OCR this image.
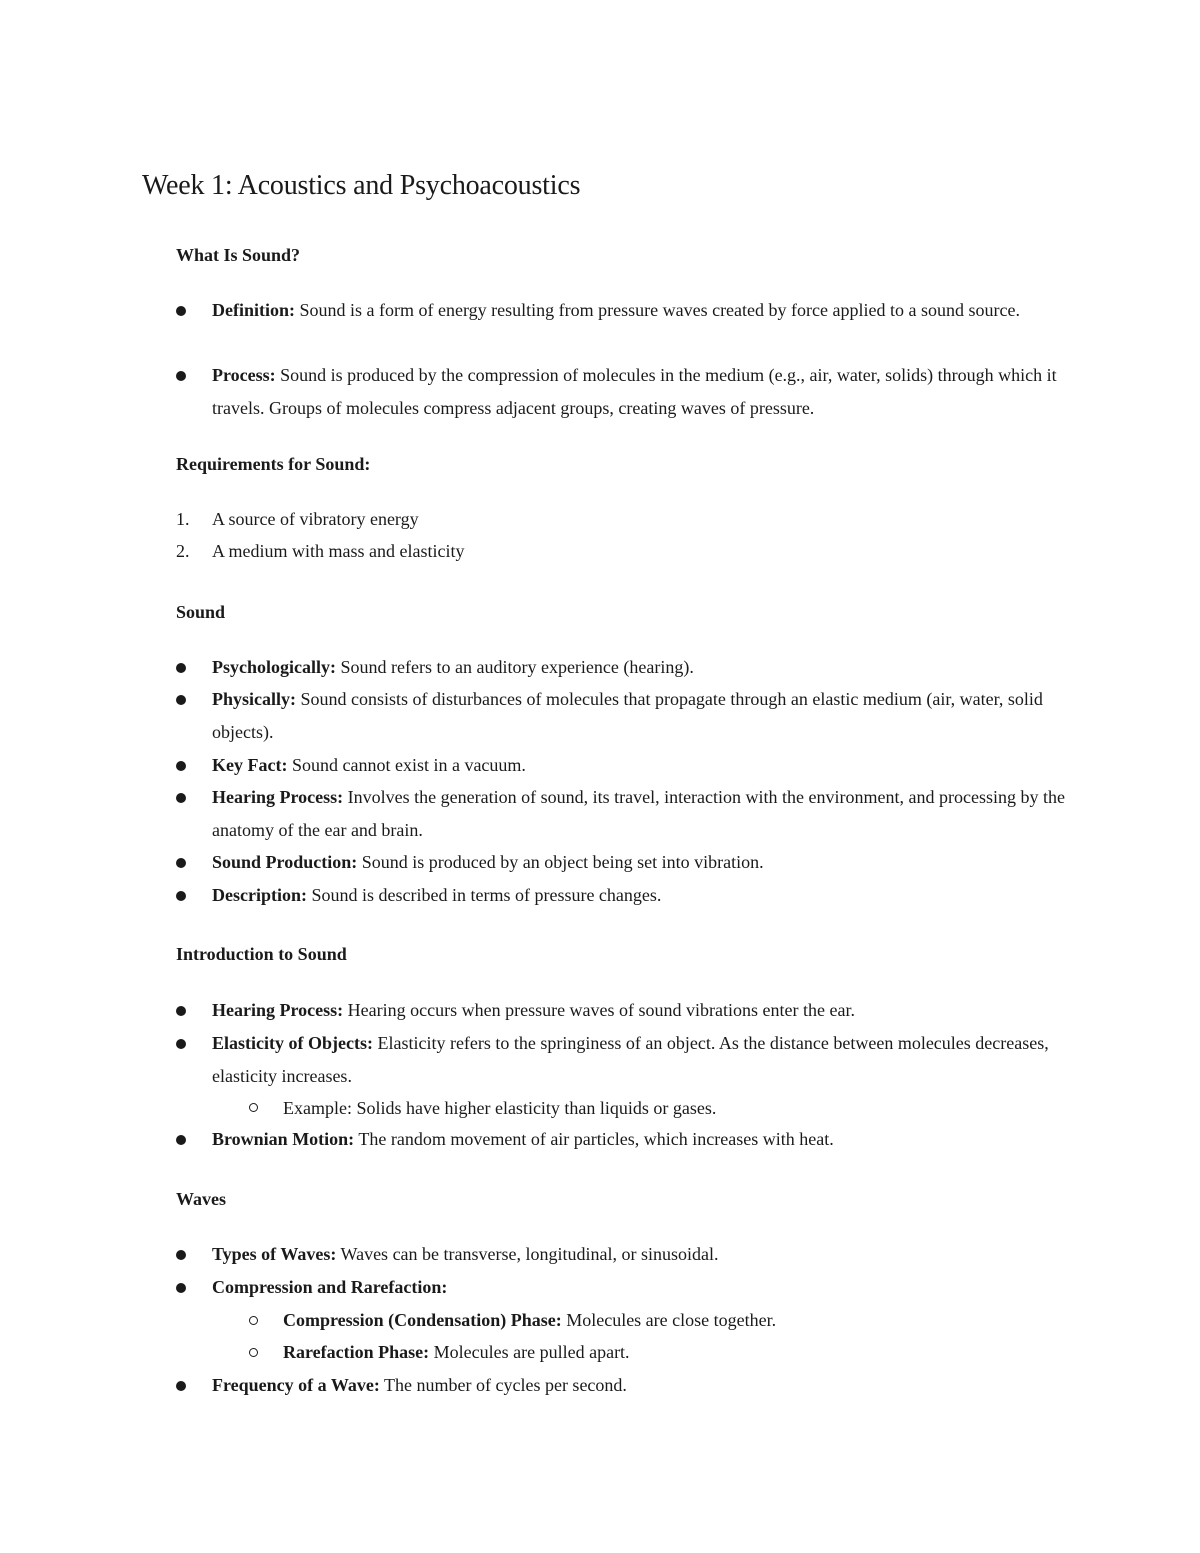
Week 1: Acoustics and Psychoacoustics
What Is Sound?

Definition: Sound is a form of energy resulting from pressure waves created by force applied to a sound source.

Process: Sound is produced by the compression of molecules in the medium (e.g., air, water, solids) through which it travels. Groups of molecules compress adjacent groups, creating waves of pressure.

Requirements for Sound:
1. A source of vibratory energy

2. A medium with mass and elasticity

Sound

Psychologically: Sound refers to an auditory experience (hearing).

Physically: Sound consists of disturbances of molecules that propagate through an elastic medium (air, water, solid objects).

Key Fact: Sound cannot exist in a vacuum.

Hearing Process: Involves the generation of sound, its travel, interaction with the environment, and processing by the anatomy of the ear and brain.

Sound Production: Sound is produced by an object being set into vibration.

Description: Sound is described in terms of pressure changes.

Introduction to Sound

Hearing Process: Hearing occurs when pressure waves of sound vibrations enter the ear.

Elasticity of Objects: Elasticity refers to the springiness of an object. As the distance between molecules decreases, elasticity increases.

Example: Solids have higher elasticity than liquids or gases.

Brownian Motion: The random movement of air particles, which increases with heat.

Waves

Types of Waves: Waves can be transverse, longitudinal, or sinusoidal.

Compression and Rarefaction:

Compression (Condensation) Phase: Molecules are close together.

Rarefaction Phase: Molecules are pulled apart.

Frequency of a Wave: The number of cycles per second.
